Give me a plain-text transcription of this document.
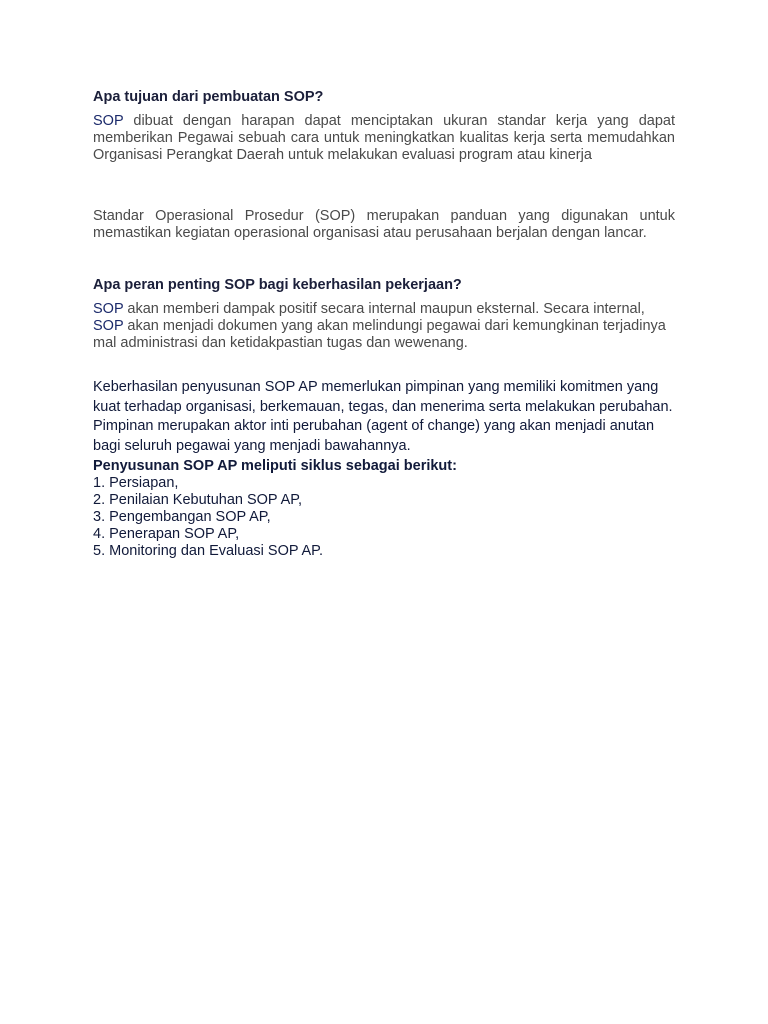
Apa tujuan dari pembuatan SOP?

SOP dibuat dengan harapan dapat menciptakan ukuran standar kerja yang dapat memberikan Pegawai sebuah cara untuk meningkatkan kualitas kerja serta memudahkan Organisasi Perangkat Daerah untuk melakukan evaluasi program atau kinerja

Standar Operasional Prosedur (SOP) merupakan panduan yang digunakan untuk memastikan kegiatan operasional organisasi atau perusahaan berjalan dengan lancar.

Apa peran penting SOP bagi keberhasilan pekerjaan?

SOP akan memberi dampak positif secara internal maupun eksternal. Secara internal, SOP akan menjadi dokumen yang akan melindungi pegawai dari kemungkinan terjadinya mal administrasi dan ketidakpastian tugas dan wewenang.

Keberhasilan penyusunan SOP AP memerlukan pimpinan yang memiliki komitmen yang kuat terhadap organisasi, berkemauan, tegas, dan menerima serta melakukan perubahan. Pimpinan merupakan aktor inti perubahan (agent of change) yang akan menjadi anutan bagi seluruh pegawai yang menjadi bawahannya.

Penyusunan SOP AP meliputi siklus sebagai berikut:

1. Persiapan,
2. Penilaian Kebutuhan SOP AP,
3. Pengembangan SOP AP,
4. Penerapan SOP AP,
5. Monitoring dan Evaluasi SOP AP.
